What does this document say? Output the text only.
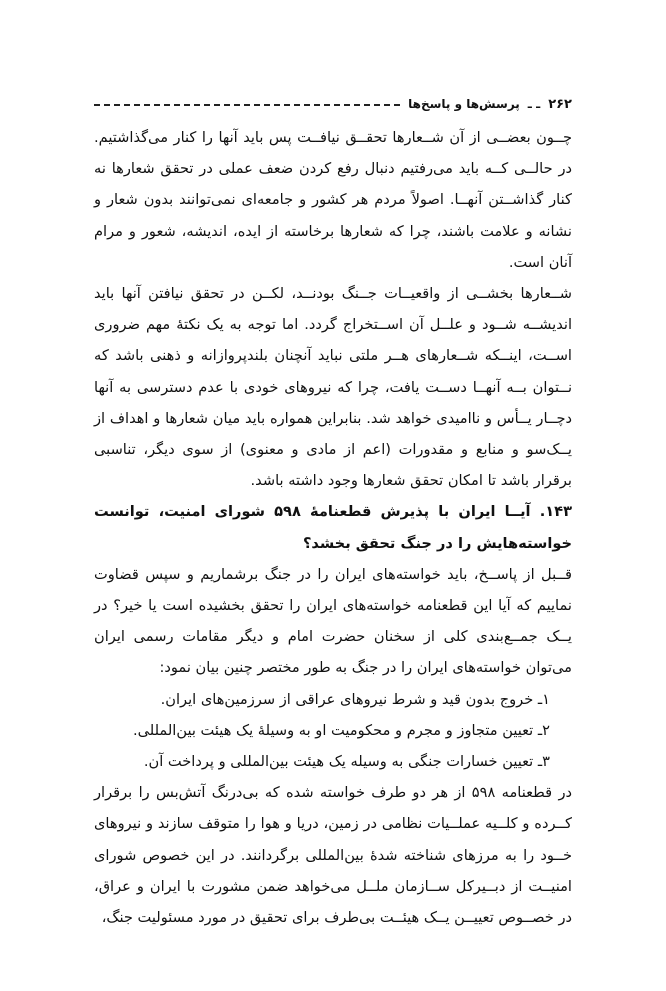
۲۶۲
ـ ـ
پرسش‌ها و پاسخ‌ها

چــون بعضــی از آن شــعارها تحقــق نیافــت پس باید آنها را کنار می‌گذاشتیم. در حالــی کــه باید می‌رفتیم دنبال رفع کردن ضعف عملی در تحقق شعارها نه کنار گذاشــتن آنهــا. اصولاً مردم هر کشور و جامعه‌ای نمی‌توانند بدون شعار و نشانه و علامت باشند، چرا که شعارها برخاسته از ایده، اندیشه، شعور و مرام آنان است.

شــعارها بخشــی از واقعیــات جــنگ بودنــد، لکــن در تحقق نیافتن آنها باید اندیشــه شــود و علــل آن اســتخراج گردد. اما توجه به یک نکتهٔ مهم ضروری اســت، اینــکه شــعارهای هــر ملتی نباید آنچنان بلندپروازانه و ذهنی باشد که نــتوان بــه آنهــا دســت یافت، چرا که نیروهای خودی با عدم دسترسی به آنها دچــار یــأس و ناامیدی خواهد شد. بنابراین همواره باید میان شعارها و اهداف از یــک‌سو و منابع و مقدورات (اعم از مادی و معنوی) از سوی دیگر، تناسبی برقرار باشد تا امکان تحقق شعارها وجود داشته باشد.

۱۴۳. آیــا ایران با پذیرش قطعنامهٔ ۵۹۸ شورای امنیت، توانست خواسته‌هایش را در جنگ تحقق بخشد؟

قــبل از پاســخ، باید خواسته‌های ایران را در جنگ برشماریم و سپس قضاوت نماییم که آیا این قطعنامه خواسته‌های ایران را تحقق بخشیده است یا خیر؟ در یــک جمــع‌بندی کلی از سخنان حضرت امام و دیگر مقامات رسمی ایران می‌توان خواسته‌های ایران را در جنگ به طور مختصر چنین بیان نمود:

۱ـ خروج بدون قید و شرط نیروهای عراقی از سرزمین‌های ایران.

۲ـ تعیین متجاوز و مجرم و محکومیت او به وسیلهٔ یک هیئت بین‌المللی.

۳ـ تعیین خسارات جنگی به وسیله یک هیئت بین‌المللی و پرداخت آن.

در قطعنامه ۵۹۸ از هر دو طرف خواسته شده که بی‌درنگ آتش‌بس را برقرار کــرده و کلــیه عملــیات نظامی در زمین، دریا و هوا را متوقف سازند و نیروهای خــود را به مرزهای شناخته شدهٔ بین‌المللی برگردانند. در این خصوص شورای امنیــت از دبــیرکل ســازمان ملــل می‌خواهد ضمن مشورت با ایران و عراق، در خصــوص تعییــن یــک هیئــت بی‌طرف برای تحقیق در مورد مسئولیت جنگ،
